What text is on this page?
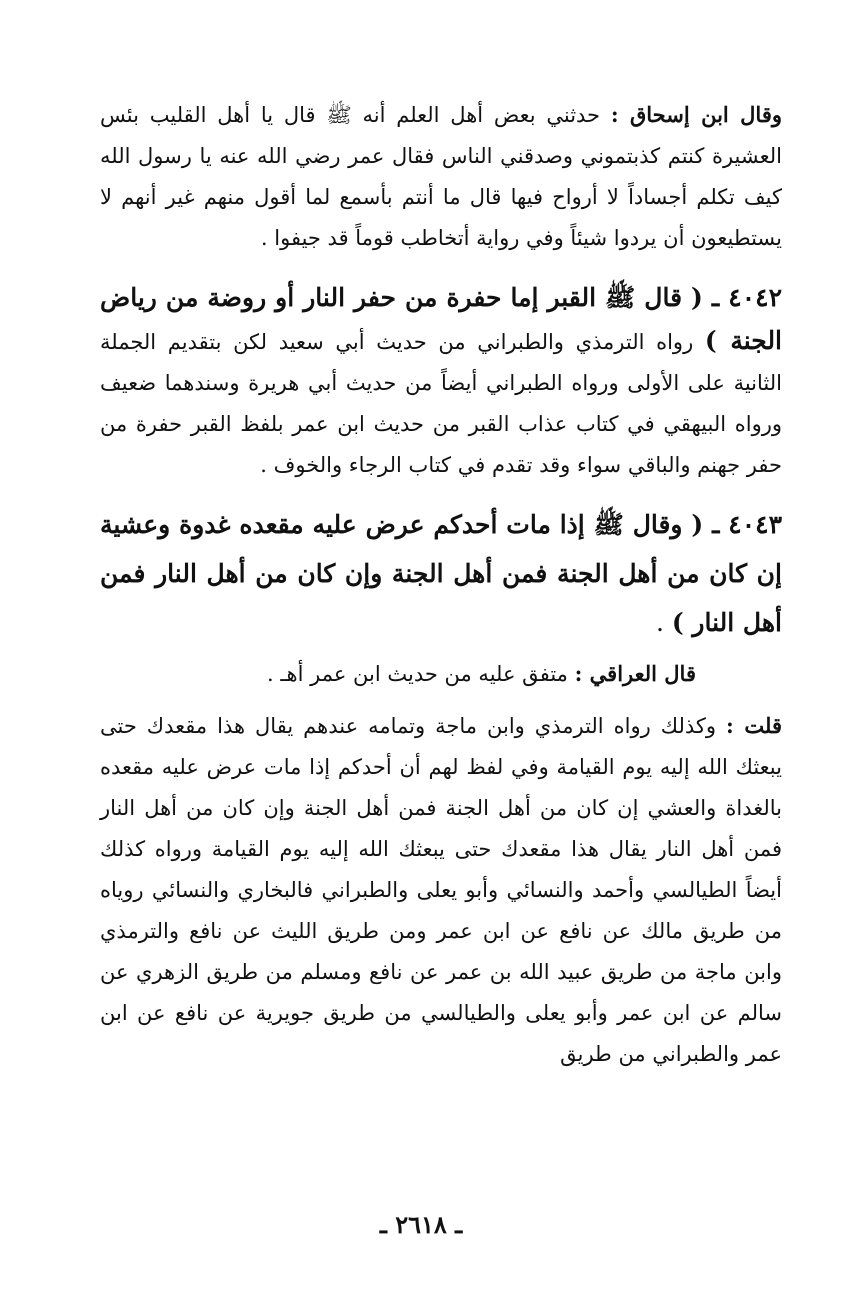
وقال ابن إسحاق : حدثني بعض أهل العلم أنه ﷺ قال يا أهل القليب بئس العشيرة كنتم كذبتموني وصدقني الناس فقال عمر رضي الله عنه يا رسول الله كيف تكلم أجساداً لا أرواح فيها قال ما أنتم بأسمع لما أقول منهم غير أنهم لا يستطيعون أن يردوا شيئاً وفي رواية أتخاطب قوماً قد جيفوا .

٤٠٤٢ ـ ( قال ﷺ القبر إما حفرة من حفر النار أو روضة من رياض الجنة ) رواه الترمذي والطبراني من حديث أبي سعيد لكن بتقديم الجملة الثانية على الأولى ورواه الطبراني أيضاً من حديث أبي هريرة وسندهما ضعيف ورواه البيهقي في كتاب عذاب القبر من حديث ابن عمر بلفظ القبر حفرة من حفر جهنم والباقي سواء وقد تقدم في كتاب الرجاء والخوف .

٤٠٤٣ ـ ( وقال ﷺ إذا مات أحدكم عرض عليه مقعده غدوة وعشية إن كان من أهل الجنة فمن أهل الجنة وإن كان من أهل النار فمن أهل النار ) .

قال العراقي : متفق عليه من حديث ابن عمر أهـ .

قلت : وكذلك رواه الترمذي وابن ماجة وتمامه عندهم يقال هذا مقعدك حتى يبعثك الله إليه يوم القيامة وفي لفظ لهم أن أحدكم إذا مات عرض عليه مقعده بالغداة والعشي إن كان من أهل الجنة فمن أهل الجنة وإن كان من أهل النار فمن أهل النار يقال هذا مقعدك حتى يبعثك الله إليه يوم القيامة ورواه كذلك أيضاً الطيالسي وأحمد والنسائي وأبو يعلى والطبراني فالبخاري والنسائي روياه من طريق مالك عن نافع عن ابن عمر ومن طريق الليث عن نافع والترمذي وابن ماجة من طريق عبيد الله بن عمر عن نافع ومسلم من طريق الزهري عن سالم عن ابن عمر وأبو يعلى والطيالسي من طريق جويرية عن نافع عن ابن عمر والطبراني من طريق

ـ ٢٦١٨ ـ
